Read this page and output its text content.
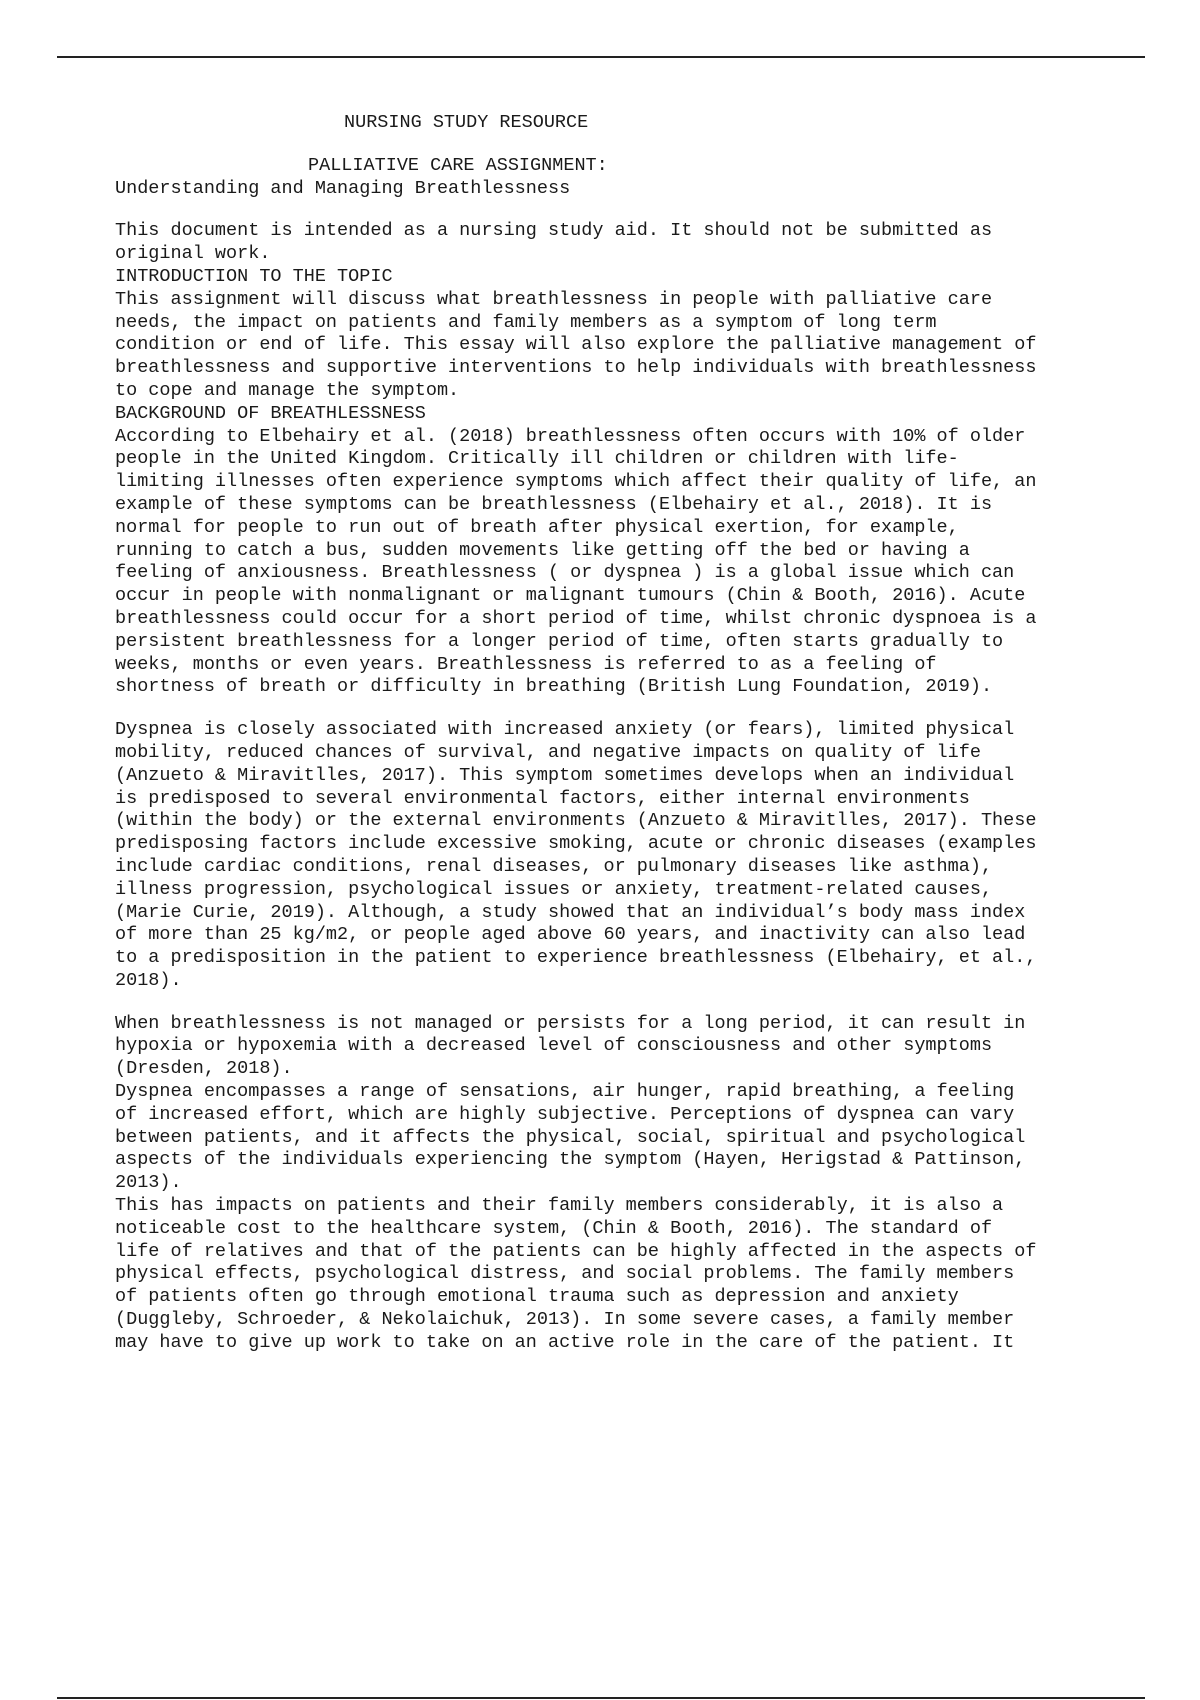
NURSING STUDY RESOURCE
PALLIATIVE CARE ASSIGNMENT:
Understanding and Managing Breathlessness

This document is intended as a nursing study aid. It should not be submitted as
original work.

INTRODUCTION TO THE TOPIC

This assignment will discuss what breathlessness in people with palliative care
needs, the impact on patients and family members as a symptom of long term
condition or end of life. This essay will also explore the palliative management of
breathlessness and supportive interventions to help individuals with breathlessness
to cope and manage the symptom.

BACKGROUND OF BREATHLESSNESS

According to Elbehairy et al. (2018) breathlessness often occurs with 10% of older
people in the United Kingdom. Critically ill children or children with life-
limiting illnesses often experience symptoms which affect their quality of life, an
example of these symptoms can be breathlessness (Elbehairy et al., 2018). It is
normal for people to run out of breath after physical exertion, for example,
running to catch a bus, sudden movements like getting off the bed or having a
feeling of anxiousness. Breathlessness ( or dyspnea ) is a global issue which can
occur in people with nonmalignant or malignant tumours (Chin & Booth, 2016). Acute
breathlessness could occur for a short period of time, whilst chronic dyspnoea is a
persistent breathlessness for a longer period of time, often starts gradually to
weeks, months or even years. Breathlessness is referred to as a feeling of
shortness of breath or difficulty in breathing (British Lung Foundation, 2019).

Dyspnea is closely associated with increased anxiety (or fears), limited physical
mobility, reduced chances of survival, and negative impacts on quality of life
(Anzueto & Miravitlles, 2017). This symptom sometimes develops when an individual
is predisposed to several environmental factors, either internal environments
(within the body) or the external environments (Anzueto & Miravitlles, 2017). These
predisposing factors include excessive smoking, acute or chronic diseases (examples
include cardiac conditions, renal diseases, or pulmonary diseases like asthma),
illness progression, psychological issues or anxiety, treatment-related causes,
(Marie Curie, 2019). Although, a study showed that an individual’s body mass index
of more than 25 kg/m2, or people aged above 60 years, and inactivity can also lead
to a predisposition in the patient to experience breathlessness (Elbehairy, et al.,
2018).

When breathlessness is not managed or persists for a long period, it can result in
hypoxia or hypoxemia with a decreased level of consciousness and other symptoms
(Dresden, 2018).

Dyspnea encompasses a range of sensations, air hunger, rapid breathing, a feeling
of increased effort, which are highly subjective. Perceptions of dyspnea can vary
between patients, and it affects the physical, social, spiritual and psychological
aspects of the individuals experiencing the symptom (Hayen, Herigstad & Pattinson,
2013).

This has impacts on patients and their family members considerably, it is also a
noticeable cost to the healthcare system, (Chin & Booth, 2016). The standard of
life of relatives and that of the patients can be highly affected in the aspects of
physical effects, psychological distress, and social problems. The family members
of patients often go through emotional trauma such as depression and anxiety
(Duggleby, Schroeder, & Nekolaichuk, 2013). In some severe cases, a family member
may have to give up work to take on an active role in the care of the patient. It
